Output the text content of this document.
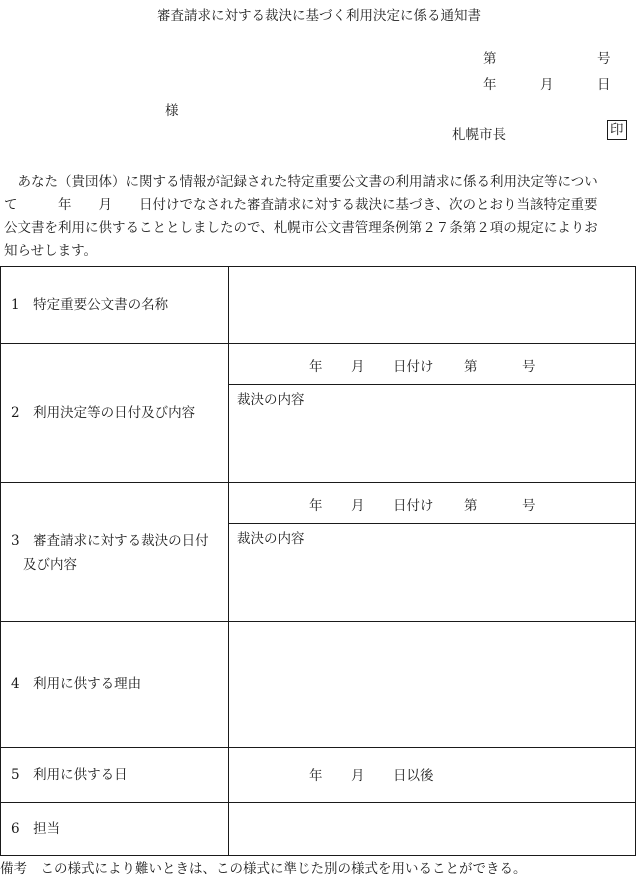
審査請求に対する裁決に基づく利用決定に係る通知書
第	号
年	月	日
様
札幌市長	印
　あなた（貴団体）に関する情報が記録された特定重要公文書の利用請求に係る利用決定等につい
て　　　年　　月　　日付けでなされた審査請求に対する裁決に基づき、次のとおり当該特定重要
公文書を利用に供することとしましたので、札幌市公文書管理条例第２７条第２項の規定によりお
知らせします。
1　特定重要公文書の名称
2　利用決定等の日付及び内容
年 月 日付け 第	号
裁決の内容
3　審査請求に対する裁決の日付
及び内容
年 月 日付け 第	号
裁決の内容
4　利用に供する理由
5　利用に供する日	年 月 日以後
6　担当
備考　この様式により難いときは、この様式に準じた別の様式を用いることができる。
